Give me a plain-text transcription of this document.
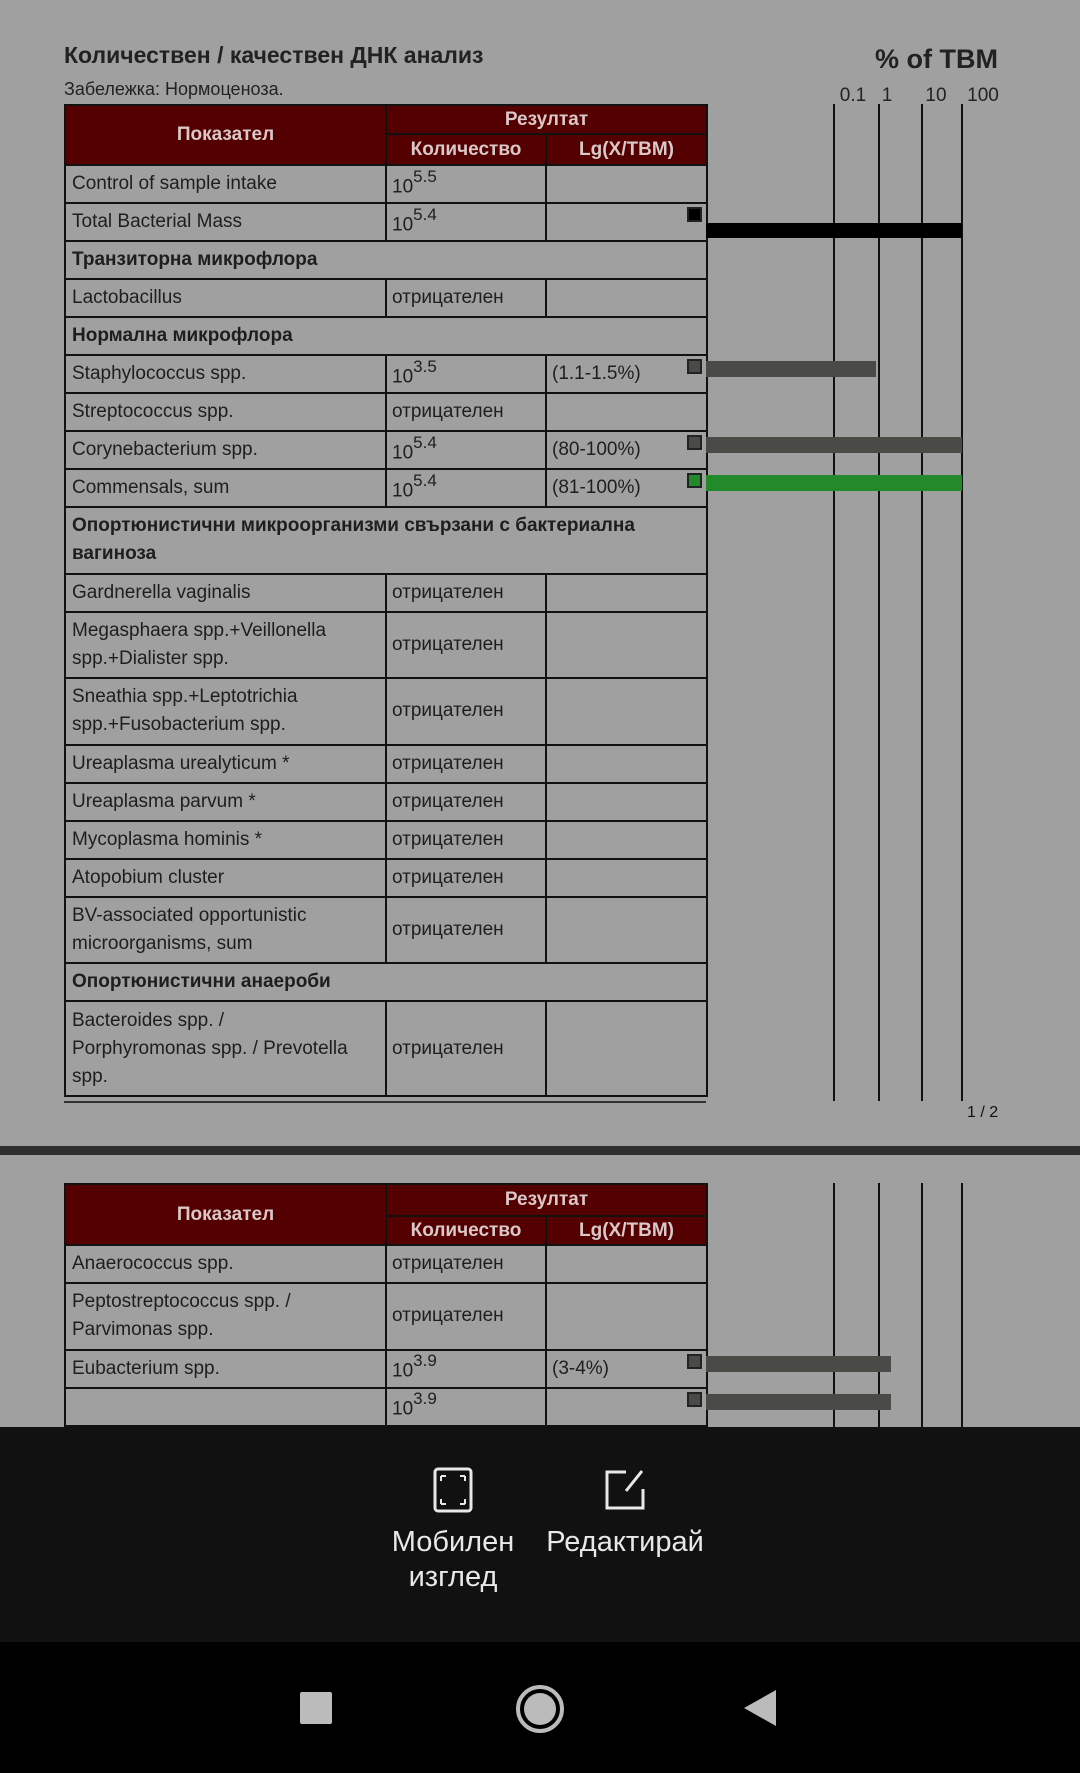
Количествен / качествен ДНК анализ
Забележка: Нормоценоза.
% of TBM
0.1 1 10 100
Показател	Резултат	
	Количество	Lg(X/TBM)
Control of sample intake	$10^{5.5}$	
Total Bacterial Mass	$10^{5.4}$	

Транзиторна микрофлора		
Lactobacillus	отрицателен	
Нормална микрофлора		
Staphylococcus spp.	$10^{3.5}$	(1.1-1.5%)

Streptococcus spp.	отрицателен	
Corynebacterium spp.	$10^{5.4}$	(80-100%)

Commensals, sum	$10^{5.4}$	(81-100%)

Опортюнистични микроорганизми свързани с бактериална
вагиноза		
Gardnerella vaginalis	отрицателен	
Megasphaera spp.+Veillonella
spp.+Dialister spp.	отрицателен	
Sneathia spp.+Leptotrichia
spp.+Fusobacterium spp.	отрицателен	
Ureaplasma urealyticum *	отрицателен	
Ureaplasma parvum *	отрицателен	
Mycoplasma hominis *	отрицателен	
Atopobium cluster	отрицателен	
BV-associated opportunistic
microorganisms, sum	отрицателен	
Опортюнистични анаероби		
Bacteroides spp. /
Porphyromonas spp. / Prevotella
spp.	отрицателен	
1 / 2
Показател	Резултат	
	Количество	Lg(X/TBM)
Anaerococcus spp.	отрицателен	
Peptostreptococcus spp. /
Parvimonas spp.	отрицателен	
Eubacterium spp.	$10^{3.9}$	(3-4%)

	$10^{3.9}$	
Мобилен
изглед
Редактирай
